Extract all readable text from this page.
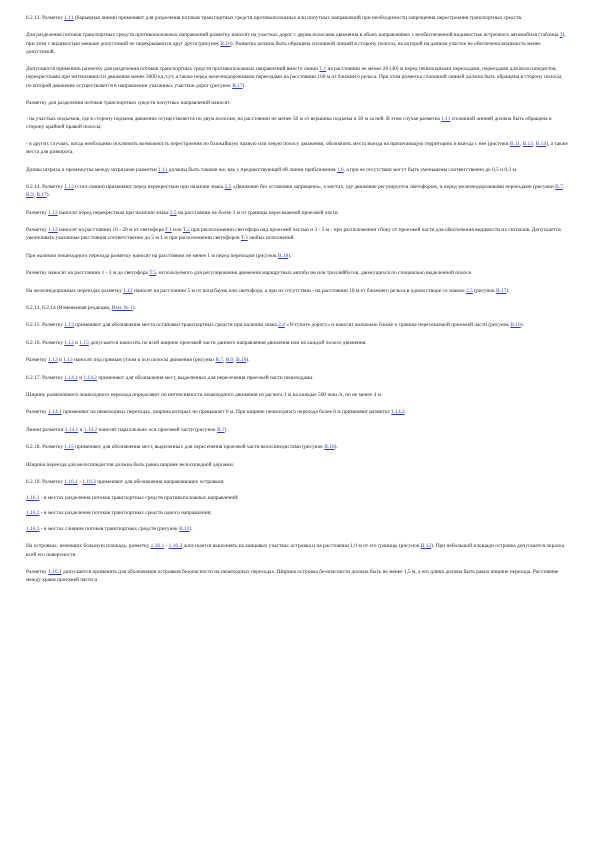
6.2.13. Разметку 1.11 (барьерная линия) применяют для разделения потоков транспортных средств противоположных или попутных направлений при необходимости запрещения перестроения транспортных средств.

Для разделения потоков транспортных средств противоположных направлений разметку наносят на участках дорог с двумя полосами движения в обоих направлениях с необеспеченной видимостью встречного автомобиля (таблица 3), при этом с видимостью меньше допустимой не перекрываются друг друга (рисунок В.16). Разметка должна быть обращена сплошной линией в сторону полосы, на которой на данном участке не обеспечена видимость менее допустимой.

Допускается применять разметку для разделения потоков транспортных средств противоположных направлений вместо линии 1.1 на расстоянии не менее 20 (40) м перед пешеходными переходами, переездами для велосипедистов, перекрестками при интенсивности движения менее 3000 ед./сут, а также перед железнодорожными переездами на расстоянии 100 м от ближнего рельса. При этом разметка сплошной линией должна быть обращена в сторону полосы, по которой движение осуществляется в направлении указанных участков дорог (рисунок В.17).

Разметку для разделения потоков транспортных средств попутных направлений наносят:

- на участках подъемов, где в сторону подъема движение осуществляется по двум полосам, на расстоянии не менее 50 м от вершины подъема и 30 м за ней. В этом случае разметка 1.11 сплошной линией должна быть обращена в сторону крайней правой полосы;

- в других случаях, когда необходимо исключить возможность перестроения по ближайшую правую или левую полосу движения, обозначить места въезда на прилегающую территорию и выезда с нее (рисунки В.11, В.13, В.14), а также места для разворота.

Длины штриха и промежутка между штрихами разметки 1.11 должны быть такими же, как у предшествующей ей линии приближения 1.6, а при ее отсутствии могут быть уменьшены соответственно до 0,5 и 0,3 м.

6.2.14. Разметку 1.12 (стоп-линия) применяют перед перекрестком при наличии знака 2.5 «Движение без остановки запрещено», а местах, где движение регулируется светофором, и перед железнодорожными переездами (рисунки В.7, В.9, В.17).

Разметку 1.12 наносят перед перекрестком при наличии знака 2.5 на расстоянии не более 1 м от границы пересекаемой проезжей части.

Разметку 1.12 наносят на расстоянии 10 - 20 м от светофора Т.1 или Т.2 при расположении светофора над проезжей частью и 3 - 5 м - при расположении сбоку от проезжей части для обеспечения видимости их сигналов. Допускается увеличивать указанные расстояния соответственно до 5 м 1 м при расположении светофоров Т.3 любых исполнений.

При наличии пешеходного перехода разметку наносят на расстоянии не менее 1 м перед переходом (рисунок В.18).

Разметку наносят на расстоянии 1 - 3 м до светофора Т.5, используемого для регулирования движения маршрутных автобусов или троллейбусов, движущихся по специально выделенной полосе.

На железнодорожных переездах разметку 1.12 наносят на расстоянии 5 м от шлагбаума или светофора, а при их отсутствии - на расстоянии 10 м от ближнего рельса в одном створе со знаком 2.5 (рисунок В.17).

6.2.13, 6.2.14 (Измененная редакция, Изм. № 1).

6.2.15. Разметку 1.13 применяют для обозначения места остановки транспортных средств при наличии знака 2.4 «Уступите дорогу» и наносят возможно ближе к границе пересекаемой проезжей части (рисунок В.16).

6.2.16. Разметку 1.12 и 1.13 допускается наносить по всей ширине проезжей части данного направления движения или на каждой полосе движения.

Разметку 1.12 и 1.13 наносят под прямым углом к оси полосы движения (рисунки В.7, В.9, В.10).

6.2.17. Разметку 1.14.1 и 1.14.2 применяют для обозначения мест, выделенных для пересечения проезжей части пешеходами.

Ширину размечаемого пешеходного перехода определяют по интенсивности пешеходного движения из расчета 1 м на каждые 500 пеш./ч, но не менее 4 м.

Разметку 1.14.1 применяют на пешеходных переходах, ширина которых не превышает 6 м. При ширине пешеходного перехода более 6 м применяют разметку 1.14.2.

Линии разметки 1.14.1 и 1.14.2 наносят параллельно оси проезжей части (рисунок В.7).

6.2.18. Разметку 1.15 применяют для обозначения мест, выделенных для пересечения проезжей части велосипедистами (рисунок В.16).

Ширина переезда для велосипедистов должна быть равна ширине велосипедной дорожки.

6.2.19. Разметку 1.16.1 - 1.16.3 применяют для обозначения направляющих островков:

1.16.1 - в местах разделения потоков транспортных средств противоположных направлений;

1.16.2 - в местах разделения потоков транспортных средств одного направления;

1.16.3 - в местах слияния потоков транспортных средств (рисунок В.12).

На островках, имеющих большую площадь, разметку 1.16.1 - 1.16.3 допускается выполнять на концевых участках островка и на расстоянии 1,0 м от его границы (рисунок В.12). При небольшой площади островка допускается окраска всей его поверхности.

Разметку 1.16.1 допускается применять для обозначения островков безопасности на пешеходных переходах. Ширина островка безопасности должна быть не менее 1,5 м, а его длина должна быть равна ширине перехода. Расстояние между краем проезжей части и
